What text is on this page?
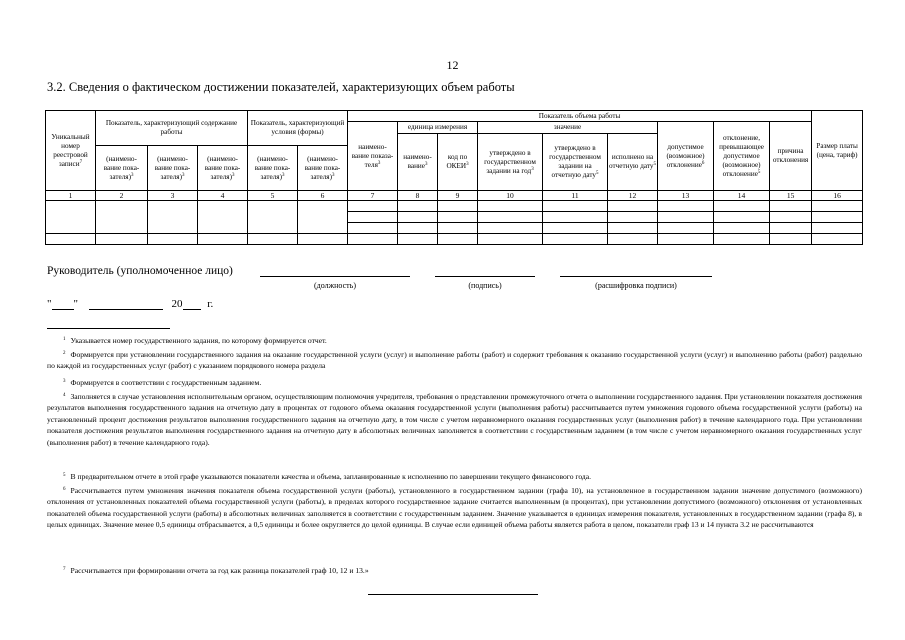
12
3.2. Сведения о фактическом достижении показателей, характеризующих объем работы
Уникальный номер реестровой записи$^7$	Показатель, характеризующий содержание работы			Показатель, характеризующий условия (формы)		Показатель объема работы									Размер платы (цена, тариф)
						наимено- вание показа- теля$^3$	единица измерения		значение			допустимое (возможное) отклонение$^6$	отклонение, превышающее допустимое (возможное) отклонение$^5$	причина отклонения	
							наимено- вание$^3$	код по ОКЕИ$^3$	утверждено в государственном задании на год$^3$	утверждено в государственном задании на отчетную дату$^5$	исполнено на отчетную дату$^5$
	(наимено- вание пока- зателя)$^3$	(наимено- вание пока- зателя)$^3$	(наимено- вание пока- зателя)$^3$	(наимено- вание пока- зателя)$^3$	(наимено- вание пока- зателя)$^3$
1	2	3	4	5	6	7	8	9	10	11	12	13	14	15	16

Руководитель (уполномоченное лицо)
(должность)	(подпись)	(расшифровка подписи)
" "	20 г.
$^1$ Указывается номер государственного задания, по которому формируется отчет.
$^2$ Формируется при установлении государственного задания на оказание государственной услуги (услуг) и выполнение работы (работ) и содержит требования к оказанию государственной услуги (услуг) и выполнению работы (работ) раздельно по каждой из государственных услуг (работ) с указанием порядкового номера раздела
$^3$ Формируется в соответствии с государственным заданием.
$^4$ Заполняется в случае установления исполнительным органом, осуществляющим полномочия учредителя, требования о представлении промежуточного отчета о выполнении государственного задания. При установлении показателя достижения результатов выполнения государственного задания на отчетную дату в процентах от годового объема оказания государственной услуги (выполнения работы) рассчитывается путем умножения годового объема государственной услуги (работы) на установленный процент достижения результатов выполнения государственного задания на отчетную дату, в том числе с учетом неравномерного оказания государственных услуг (выполнения работ) в течение календарного года. При установлении показателя достижения результатов выполнения государственного задания на отчетную дату в абсолютных величинах заполняется в соответствии с государственным заданием (в том числе с учетом неравномерного оказания государственных услуг (выполнения работ) в течение календарного года).
$^5$ В предварительном отчете в этой графе указываются показатели качества и объема, запланированные к исполнению по завершении текущего финансового года.
$^6$ Рассчитывается путем умножения значения показателя объема государственной услуги (работы), установленного в государственном задании (графа 10), на установленное в государственном задании значение допустимого (возможного) отклонения от установленных показателей объема государственной услуги (работы), в пределах которого государственное задание считается выполненным (в процентах), при установлении допустимого (возможного) отклонения от установленных показателей объема государственной услуги (работы) в абсолютных величинах заполняется в соответствии с государственным заданием. Значение указывается в единицах измерения показателя, установленных в государственном задании (графа 8), в целых единицах. Значение менее 0,5 единицы отбрасывается, а 0,5 единицы и более округляется до целой единицы. В случае если единицей объема работы является работа в целом, показатели граф 13 и 14 пункта 3.2 не рассчитываются
$^7$ Рассчитывается при формировании отчета за год как разница показателей граф 10, 12 и 13.»
